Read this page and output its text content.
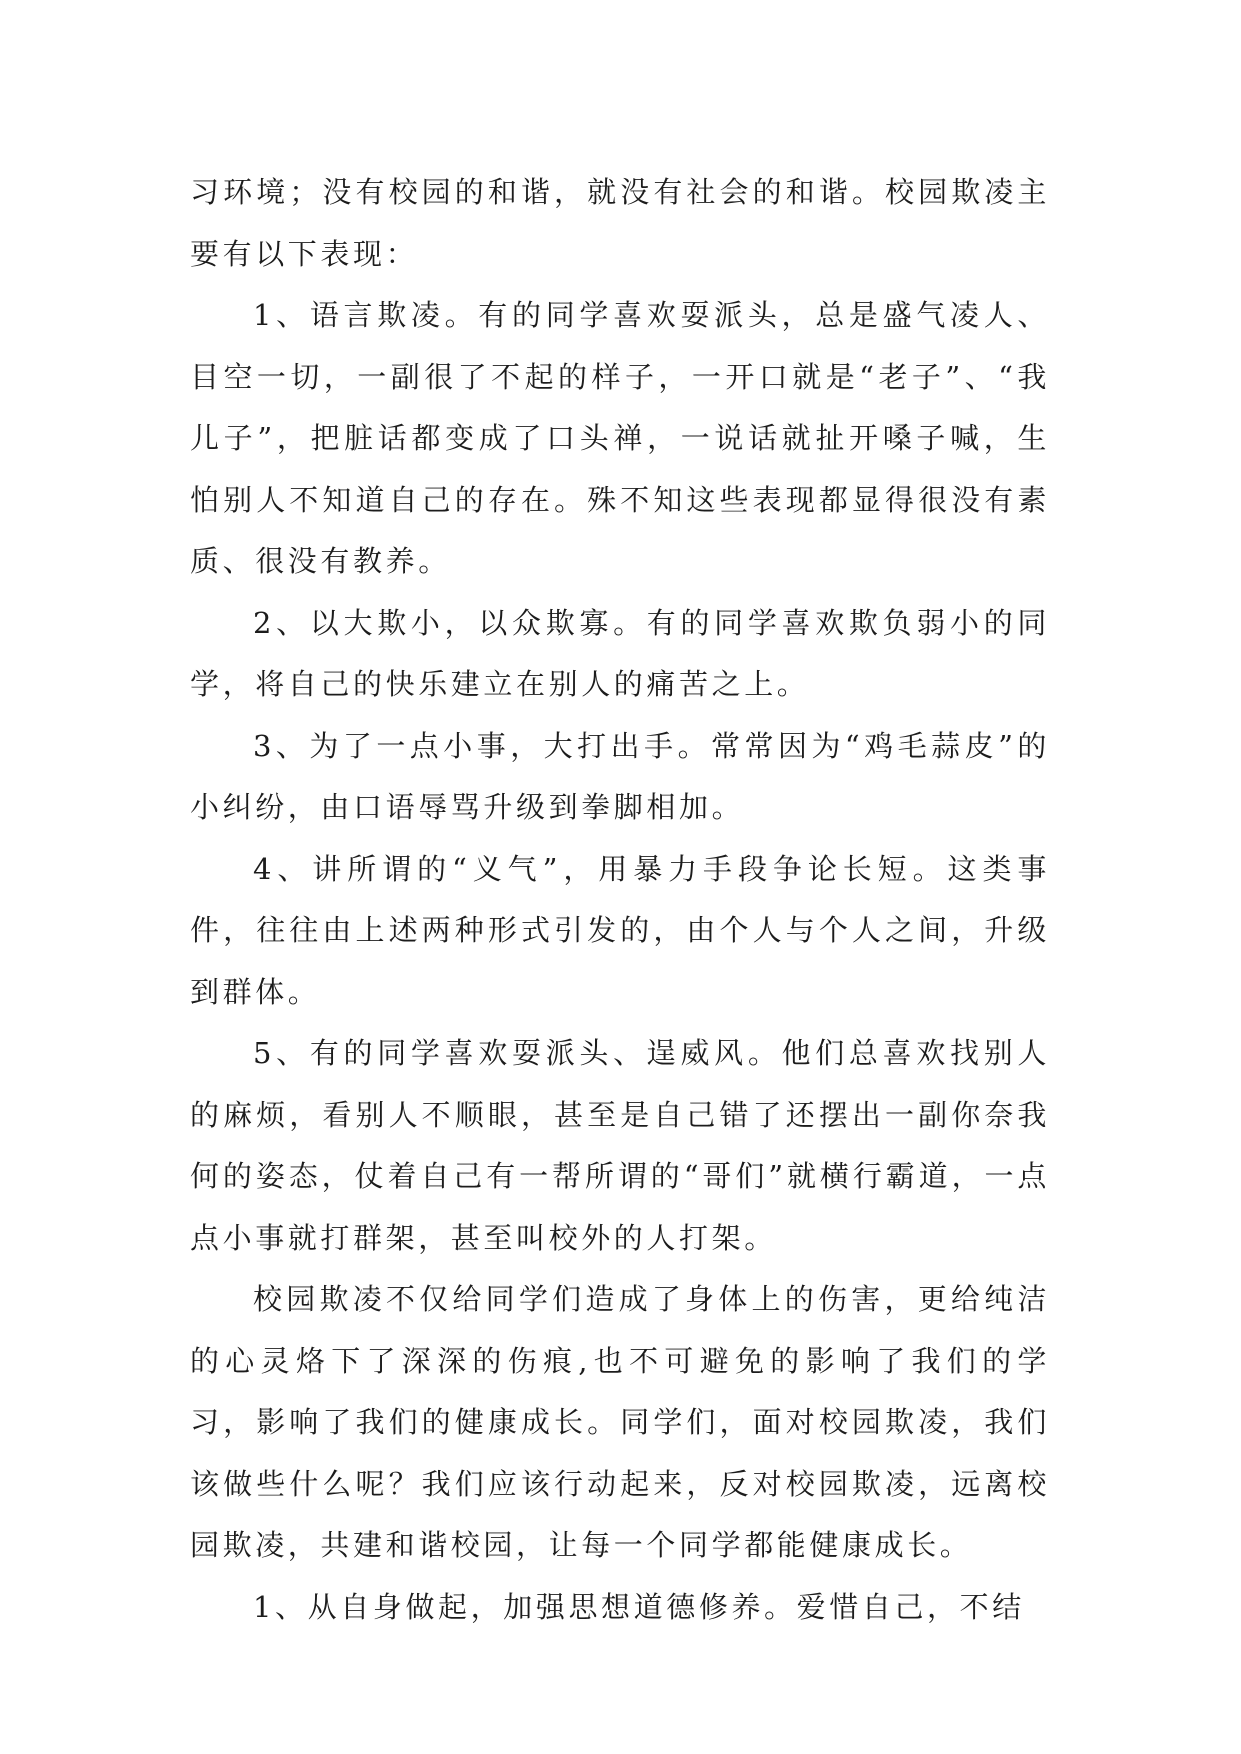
习环境；没有校园的和谐，就没有社会的和谐。校园欺凌主要有以下表现：

1、语言欺凌。有的同学喜欢耍派头，总是盛气凌人、目空一切，一副很了不起的样子，一开口就是“老子”、“我儿子”，把脏话都变成了口头禅，一说话就扯开嗓子喊，生怕别人不知道自己的存在。殊不知这些表现都显得很没有素质、很没有教养。

2、以大欺小，以众欺寡。有的同学喜欢欺负弱小的同学，将自己的快乐建立在别人的痛苦之上。

3、为了一点小事，大打出手。常常因为“鸡毛蒜皮”的小纠纷，由口语辱骂升级到拳脚相加。

4、讲所谓的“义气”，用暴力手段争论长短。这类事件，往往由上述两种形式引发的，由个人与个人之间，升级到群体。

5、有的同学喜欢耍派头、逞威风。他们总喜欢找别人的麻烦，看别人不顺眼，甚至是自己错了还摆出一副你奈我何的姿态，仗着自己有一帮所谓的“哥们”就横行霸道，一点点小事就打群架，甚至叫校外的人打架。

校园欺凌不仅给同学们造成了身体上的伤害，更给纯洁的心灵烙下了深深的伤痕,也不可避免的影响了我们的学习，影响了我们的健康成长。同学们，面对校园欺凌，我们该做些什么呢？我们应该行动起来，反对校园欺凌，远离校园欺凌，共建和谐校园，让每一个同学都能健康成长。

1、从自身做起，加强思想道德修养。爱惜自己，不结
